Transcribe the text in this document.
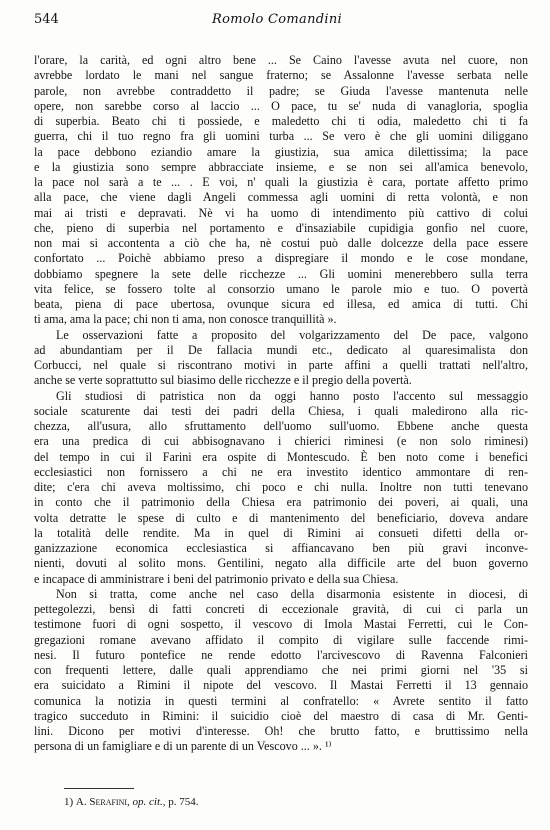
544	Romolo Comandini

l'orare, la carità, ed ogni altro bene ... Se Caino l'avesse avuta nel cuore, non
avrebbe lordato le mani nel sangue fraterno; se Assalonne l'avesse serbata nelle
parole, non avrebbe contraddetto il padre; se Giuda l'avesse mantenuta nelle
opere, non sarebbe corso al laccio ... O pace, tu se' nuda di vanagloria, spoglia
di superbia. Beato chi ti possiede, e maledetto chi ti odia, maledetto chi ti fa
guerra, chi il tuo regno fra gli uomini turba ... Se vero è che gli uomini diliggano
la pace debbono eziandio amare la giustizia, sua amica dilettissima; la pace
e la giustizia sono sempre abbracciate insieme, e se non sei all'amica benevolo,
la pace nol sarà a te ... . E voi, n' quali la giustizia è cara, portate affetto primo
alla pace, che viene dagli Angeli commessa agli uomini di retta volontà, e non
mai ai tristi e depravati. Nè vi ha uomo di intendimento più cattivo di colui
che, pieno di superbia nel portamento e d'insaziabile cupidigia gonfio nel cuore,
non mai si accontenta a ciò che ha, nè costui può dalle dolcezze della pace essere
confortato ... Poichè abbiamo preso a dispregiare il mondo e le cose mondane,
dobbiamo spegnere la sete delle ricchezze ... Gli uomini menerebbero sulla terra
vita felice, se fossero tolte al consorzio umano le parole mio e tuo. O povertà
beata, piena di pace ubertosa, ovunque sicura ed illesa, ed amica di tutti. Chi
ti ama, ama la pace; chi non ti ama, non conosce tranquillità ».

Le osservazioni fatte a proposito del volgarizzamento del De pace, valgono
ad abundantiam per il De fallacia mundi etc., dedicato al quaresimalista don
Corbucci, nel quale si riscontrano motivi in parte affini a quelli trattati nell'altro,
anche se verte soprattutto sul biasimo delle ricchezze e il pregio della povertà.

Gli studiosi di patristica non da oggi hanno posto l'accento sul messaggio
sociale scaturente dai testi dei padri della Chiesa, i quali maledirono alla ric-
chezza, all'usura, allo sfruttamento dell'uomo sull'uomo. Ebbene anche questa
era una predica di cui abbisognavano i chierici riminesi (e non solo riminesi)
del tempo in cui il Farini era ospite di Montescudo. È ben noto come i benefici
ecclesiastici non fornissero a chi ne era investito identico ammontare di ren-
dite; c'era chi aveva moltissimo, chi poco e chi nulla. Inoltre non tutti tenevano
in conto che il patrimonio della Chiesa era patrimonio dei poveri, ai quali, una
volta detratte le spese di culto e di mantenimento del beneficiario, doveva andare
la totalità delle rendite. Ma in quel di Rimini ai consueti difetti della or-
ganizzazione economica ecclesiastica si affiancavano ben più gravi inconve-
nienti, dovuti al solito mons. Gentilini, negato alla difficile arte del buon governo
e incapace di amministrare i beni del patrimonio privato e della sua Chiesa.

Non si tratta, come anche nel caso della disarmonia esistente in diocesi, di
pettegolezzi, bensì di fatti concreti di eccezionale gravità, di cui ci parla un
testimone fuori di ogni sospetto, il vescovo di Imola Mastai Ferretti, cui le Con-
gregazioni romane avevano affidato il compito di vigilare sulle faccende rimi-
nesi. Il futuro pontefice ne rende edotto l'arcivescovo di Ravenna Falconieri
con frequenti lettere, dalle quali apprendiamo che nei primi giorni nel '35 si
era suicidato a Rimini il nipote del vescovo. Il Mastai Ferretti il 13 gennaio
comunica la notizia in questi termini al confratello: « Avrete sentito il fatto
tragico succeduto in Rimini: il suicidio cioè del maestro di casa di Mr. Genti-
lini. Dicono per motivi d'interesse. Oh! che brutto fatto, e bruttissimo nella
persona di un famigliare e di un parente di un Vescovo ... ». ¹⁾

1) A. Serafini, op. cit., p. 754.
